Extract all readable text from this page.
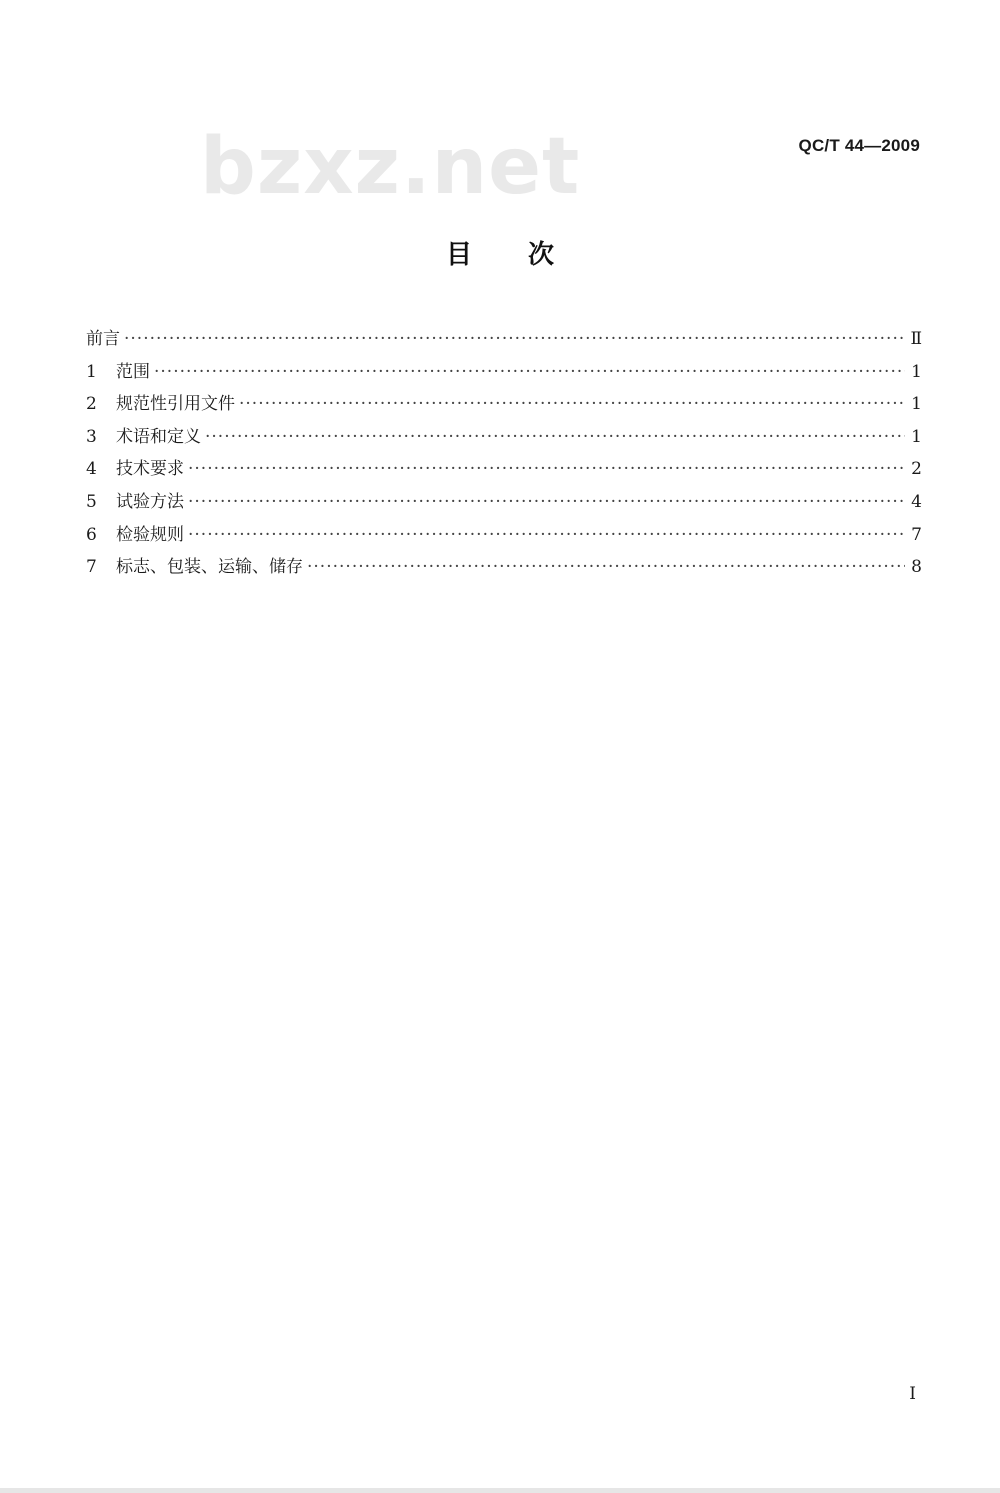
bzxz.net	QC/T 44—2009
目次
前言 ·····	Ⅱ
1	范围 ·····	1
2	规范性引用文件 ·····	1
3	术语和定义 ·····	1
4	技术要求 ·····	2
5	试验方法 ·····	4
6	检验规则 ·····	7
7	标志、包装、运输、储存 ·····	8
Ⅰ
